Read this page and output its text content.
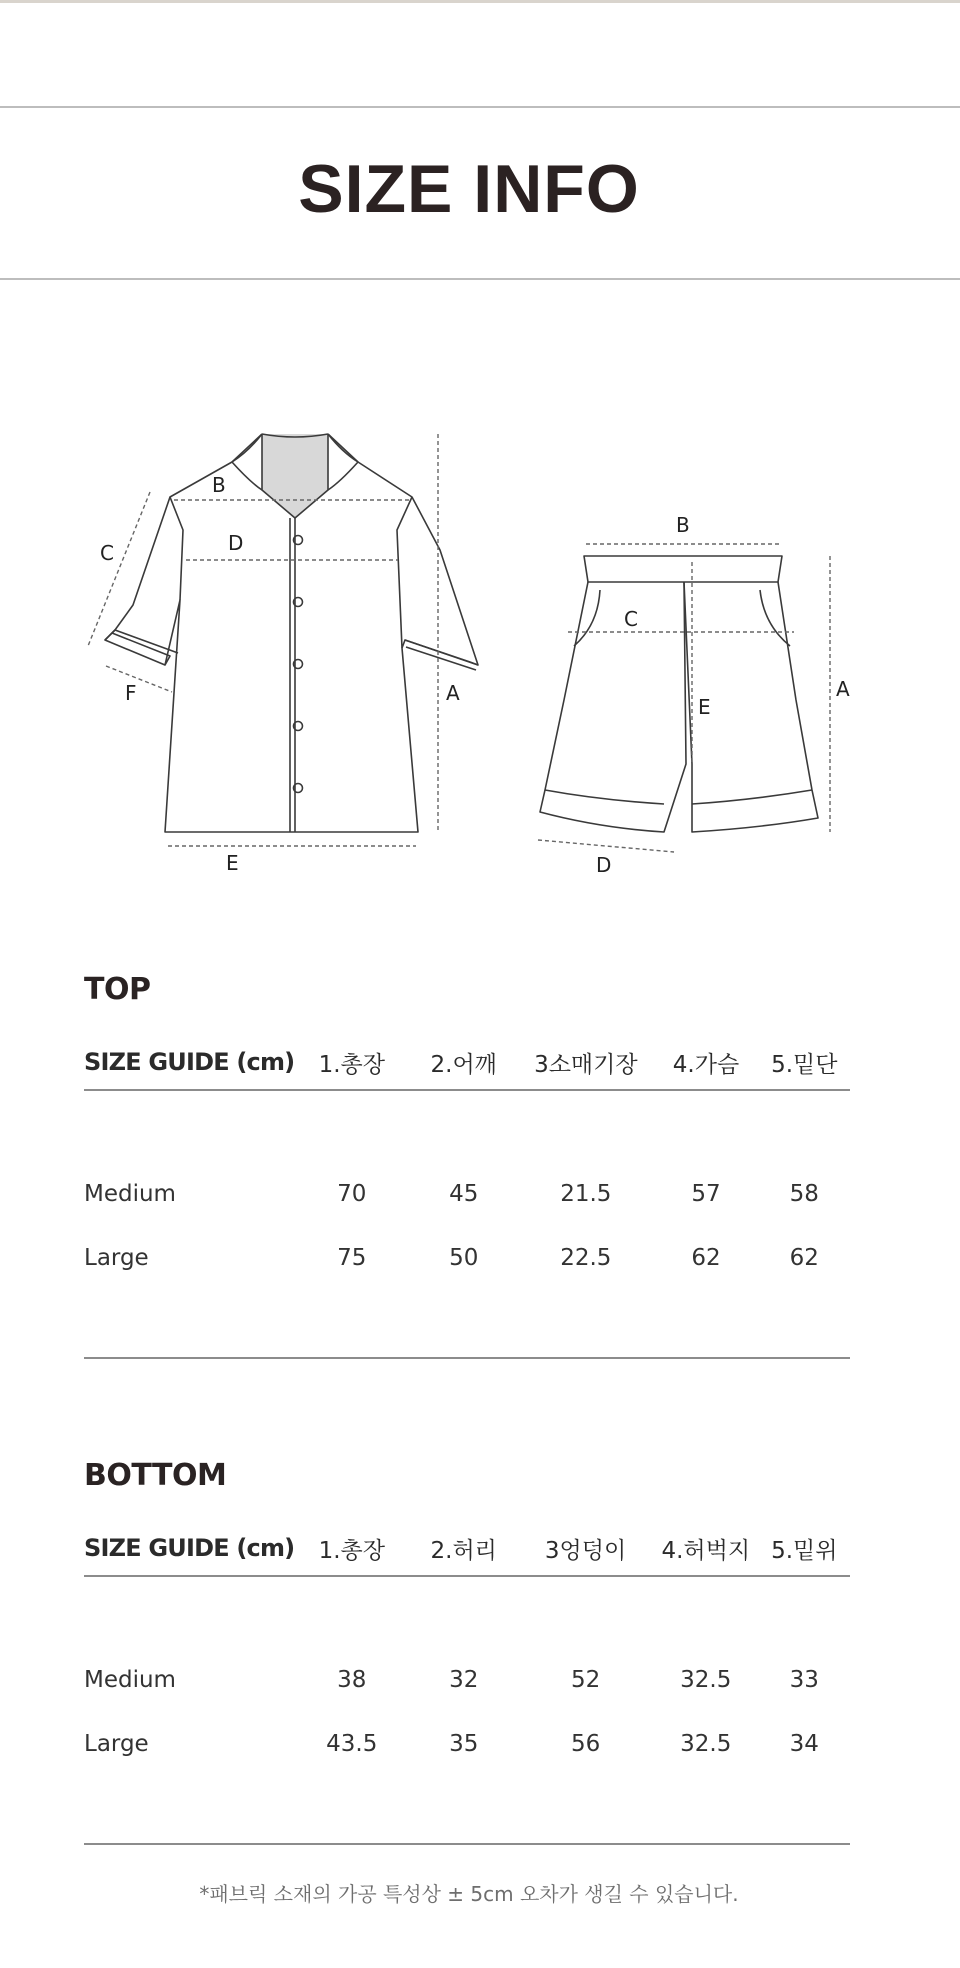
SIZE INFO
B
D
C
F	A
E
B
C
E
A
D
TOP
SIZE GUIDE (cm)	1.총장	2.어깨	3소매기장	4.가슴	5.밑단
Medium	70	45	21.5	57	58
Large	75	50	22.5	62	62

BOTTOM
SIZE GUIDE (cm)	1.총장	2.허리	3엉덩이	4.허벅지	5.밑위
Medium	38	32	52	32.5	33
Large	43.5	35	56	32.5	34

*패브릭 소재의 가공 특성상 ± 5cm 오차가 생길 수 있습니다.
